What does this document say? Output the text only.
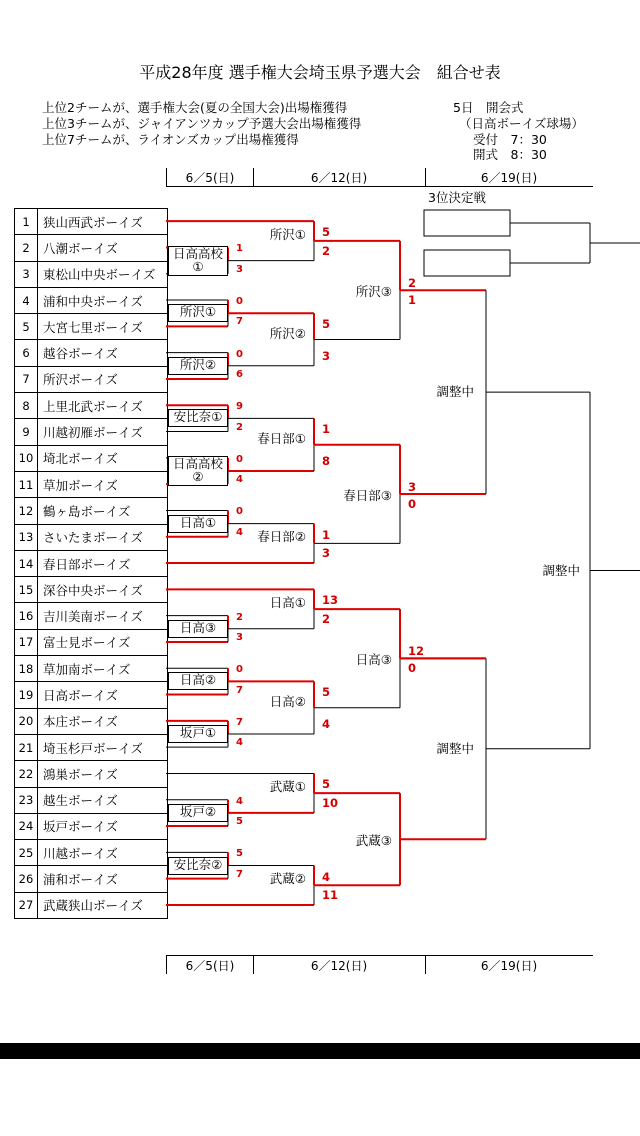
平成28年度 選手権大会埼玉県予選大会　組合せ表
上位2チームが、選手権大会(夏の全国大会)出場権獲得
上位3チームが、ジャイアンツカップ予選大会出場権獲得
上位7チームが、ライオンズカップ出場権獲得
5日　開会式
（日高ボーイズ球場）
受付　7：30
開式　8：30
6／5(日)	6／12(日)	6／19(日)
3位決定戦
1	狭山西武ボーイズ
2	八潮ボーイズ
3	東松山中央ボーイズ
4	浦和中央ボーイズ
5	大宮七里ボーイズ
6	越谷ボーイズ
7	所沢ボーイズ
8	上里北武ボーイズ
9	川越初雁ボーイズ
10 埼北ボーイズ
11 草加ボーイズ
12 鶴ヶ島ボーイズ
13 さいたまボーイズ
14 春日部ボーイズ
15 深谷中央ボーイズ
16 吉川美南ボーイズ
17 富士見ボーイズ
18 草加南ボーイズ
19 日高ボーイズ
20 本庄ボーイズ
21 埼玉杉戸ボーイズ
22 鴻巣ボーイズ
23 越生ボーイズ
24 坂戸ボーイズ
25 川越ボーイズ
26 浦和ボーイズ
27 武蔵狭山ボーイズ
1
3
日高高校
①
0
7
所沢①
0
6
所沢②
9
2
安比奈①
0
4
日高高校
②
0
4
日高①
2
3
日高③
0
7
日高②
7
4
坂戸①
4
5
坂戸②
5
7
安比奈②
5
2
所沢①
5
3
所沢②
1
8
春日部①
1
3
春日部②
13
2
日高①
5
4
日高②
5
10
武蔵①
4
11
武蔵②
所沢③
2
1
春日部③
3
0
日高③
12
0
武蔵③
調整中
調整中
調整中
6／5(日)	6／12(日)	6／19(日)
